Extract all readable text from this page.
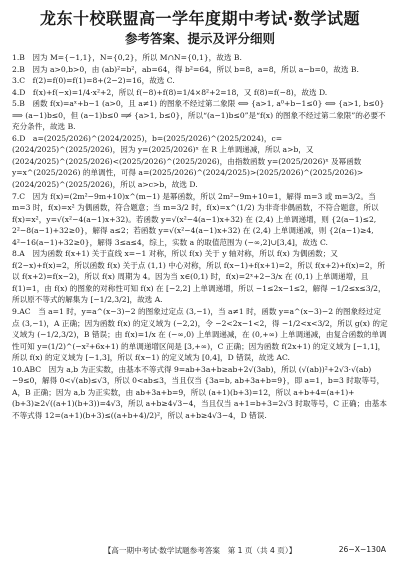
龙东十校联盟高一学年度期中考试·数学试题
参考答案、提示及评分细则

1.B　因为 M={−1,1}，N={0,2}，所以 M∩N={0,1}，故选 B.

2.B　因为 a>0,b>0，由 (ab)²=b²，ab=64，得 b²=64，所以 b=8，a=8，所以 a−b=0，故选 B.

3.C　f(2)=f(0)=f(1)=8+(2−2)=16，故选 C.

4.D　f(x)+f(−x)=1/4·x²+2，所以 f(−8)+f(8)=1/4×8²+2=18，又 f(8)=f(−8)，故选 D.

5.B　函数 f(x)=aˣ+b−1 (a>0，且 a≠1) 的图象不经过第二象限 ⟺ {a>1, a⁰+b−1≤0} ⟺ {a>1, b≤0} ⟹ (a−1)b≤0，但 (a−1)b≤0 ⟹̸ {a>1, b≤0}，所以“(a−1)b≤0”是“f(x) 的图象不经过第二象限”的必要不充分条件，故选 B.

6.D　a=(2025/2026)^(2024/2025)，b=(2025/2026)^(2025/2024)，c=(2024/2025)^(2025/2026)，因为 y=(2025/2026)ˣ 在 R 上单调递减，所以 a>b，又 (2024/2025)^(2025/2026)<(2025/2026)^(2025/2026)，由指数函数 y=(2025/2026)ˣ 及幂函数 y=x^(2025/2026) 的单调性，可得 a=(2025/2026)^(2024/2025)>(2025/2026)^(2025/2026)>(2024/2025)^(2025/2026)，所以 a>c>b，故选 D.

7.C　因为 f(x)=(2m²−9m+10)x^(m−1) 是幂函数，所以 2m²−9m+10=1，解得 m=3 或 m=3/2。当 m=3 时，f(x)=x² 为偶函数，符合题意；当 m=3/2 时，f(x)=x^(1/2) 为非奇非偶函数，不符合题意，所以 f(x)=x²，y=√(x²−4(a−1)x+32)。若函数 y=√(x²−4(a−1)x+32) 在 (2,4) 上单调递增，则 {2(a−1)≤2, 2²−8(a−1)+32≥0}，解得 a≤2；若函数 y=√(x²−4(a−1)x+32) 在 (2,4) 上单调递减，则 {2(a−1)≥4, 4²−16(a−1)+32≥0}，解得 3≤a≤4，综上，实数 a 的取值范围为 (−∞,2]∪[3,4]，故选 C.

8.A　因为函数 f(x+1) 关于直线 x=−1 对称，所以 f(x) 关于 y 轴对称，所以 f(x) 为偶函数；又 f(2−x)+f(x)=2，所以函数 f(x) 关于点 (1,1) 中心对称，所以 f(x−1)+f(x+1)=2，所以 f(x+2)+f(x)=2，所以 f(x+2)=f(x−2)，所以 f(x) 周期为 4。因为当 x∈(0,1) 时，f(x)=2ˣ+2−3/x 在 (0,1) 上单调递增，且 f(1)=1，由 f(x) 的图象的对称性可知 f(x) 在 [−2,2] 上单调递增，所以 −1≤2x−1≤2，解得 −1/2≤x≤3/2，所以原不等式的解集为 [−1/2,3/2]，故选 A.

9.AC　当 a=1 时，y=a^(x−3)−2 的图象过定点 (3,−1)，当 a≠1 时，函数 y=a^(x−3)−2 的图象经过定点 (3,−1)，A 正确；因为函数 f(x) 的定义域为 (−2,2)，令 −2<2x−1<2，得 −1/2<x<3/2，所以 g(x) 的定义域为 (−1/2,3/2)，B 错误；由 f(x)=1/x 在 (−∞,0) 上单调递减，在 (0,+∞) 上单调递减，由复合函数的单调性可知 y=(1/2)^(−x²+6x+1) 的单调递增区间是 [3,+∞)，C 正确；因为函数 f(2x+1) 的定义域为 [−1,1]，所以 f(x) 的定义域为 [−1,3]，所以 f(x−1) 的定义域为 [0,4]，D 错误，故选 AC.

10.ABC　因为 a,b 为正实数，由基本不等式得 9=ab+3a+b≥ab+2√(3ab)，所以 (√(ab))²+2√3·√(ab)−9≤0，解得 0<√(ab)≤√3，所以 0<ab≤3，当且仅当 {3a=b, ab+3a+b=9}，即 a=1，b=3 时取等号，A，B 正确；因为 a,b 为正实数，由 ab+3a+b=9，所以 (a+1)(b+3)=12，所以 a+b+4=(a+1)+(b+3)≥2√((a+1)(b+3))=4√3，所以 a+b≥4√3−4，当且仅当 a+1=b+3=2√3 时取等号，C 正确；由基本不等式得 12=(a+1)(b+3)≤((a+b+4)/2)²，所以 a+b≥4√3−4，D 错误.

【高一期中考试·数学试题参考答案　第 1 页（共 4 页）】	26−X−130A
